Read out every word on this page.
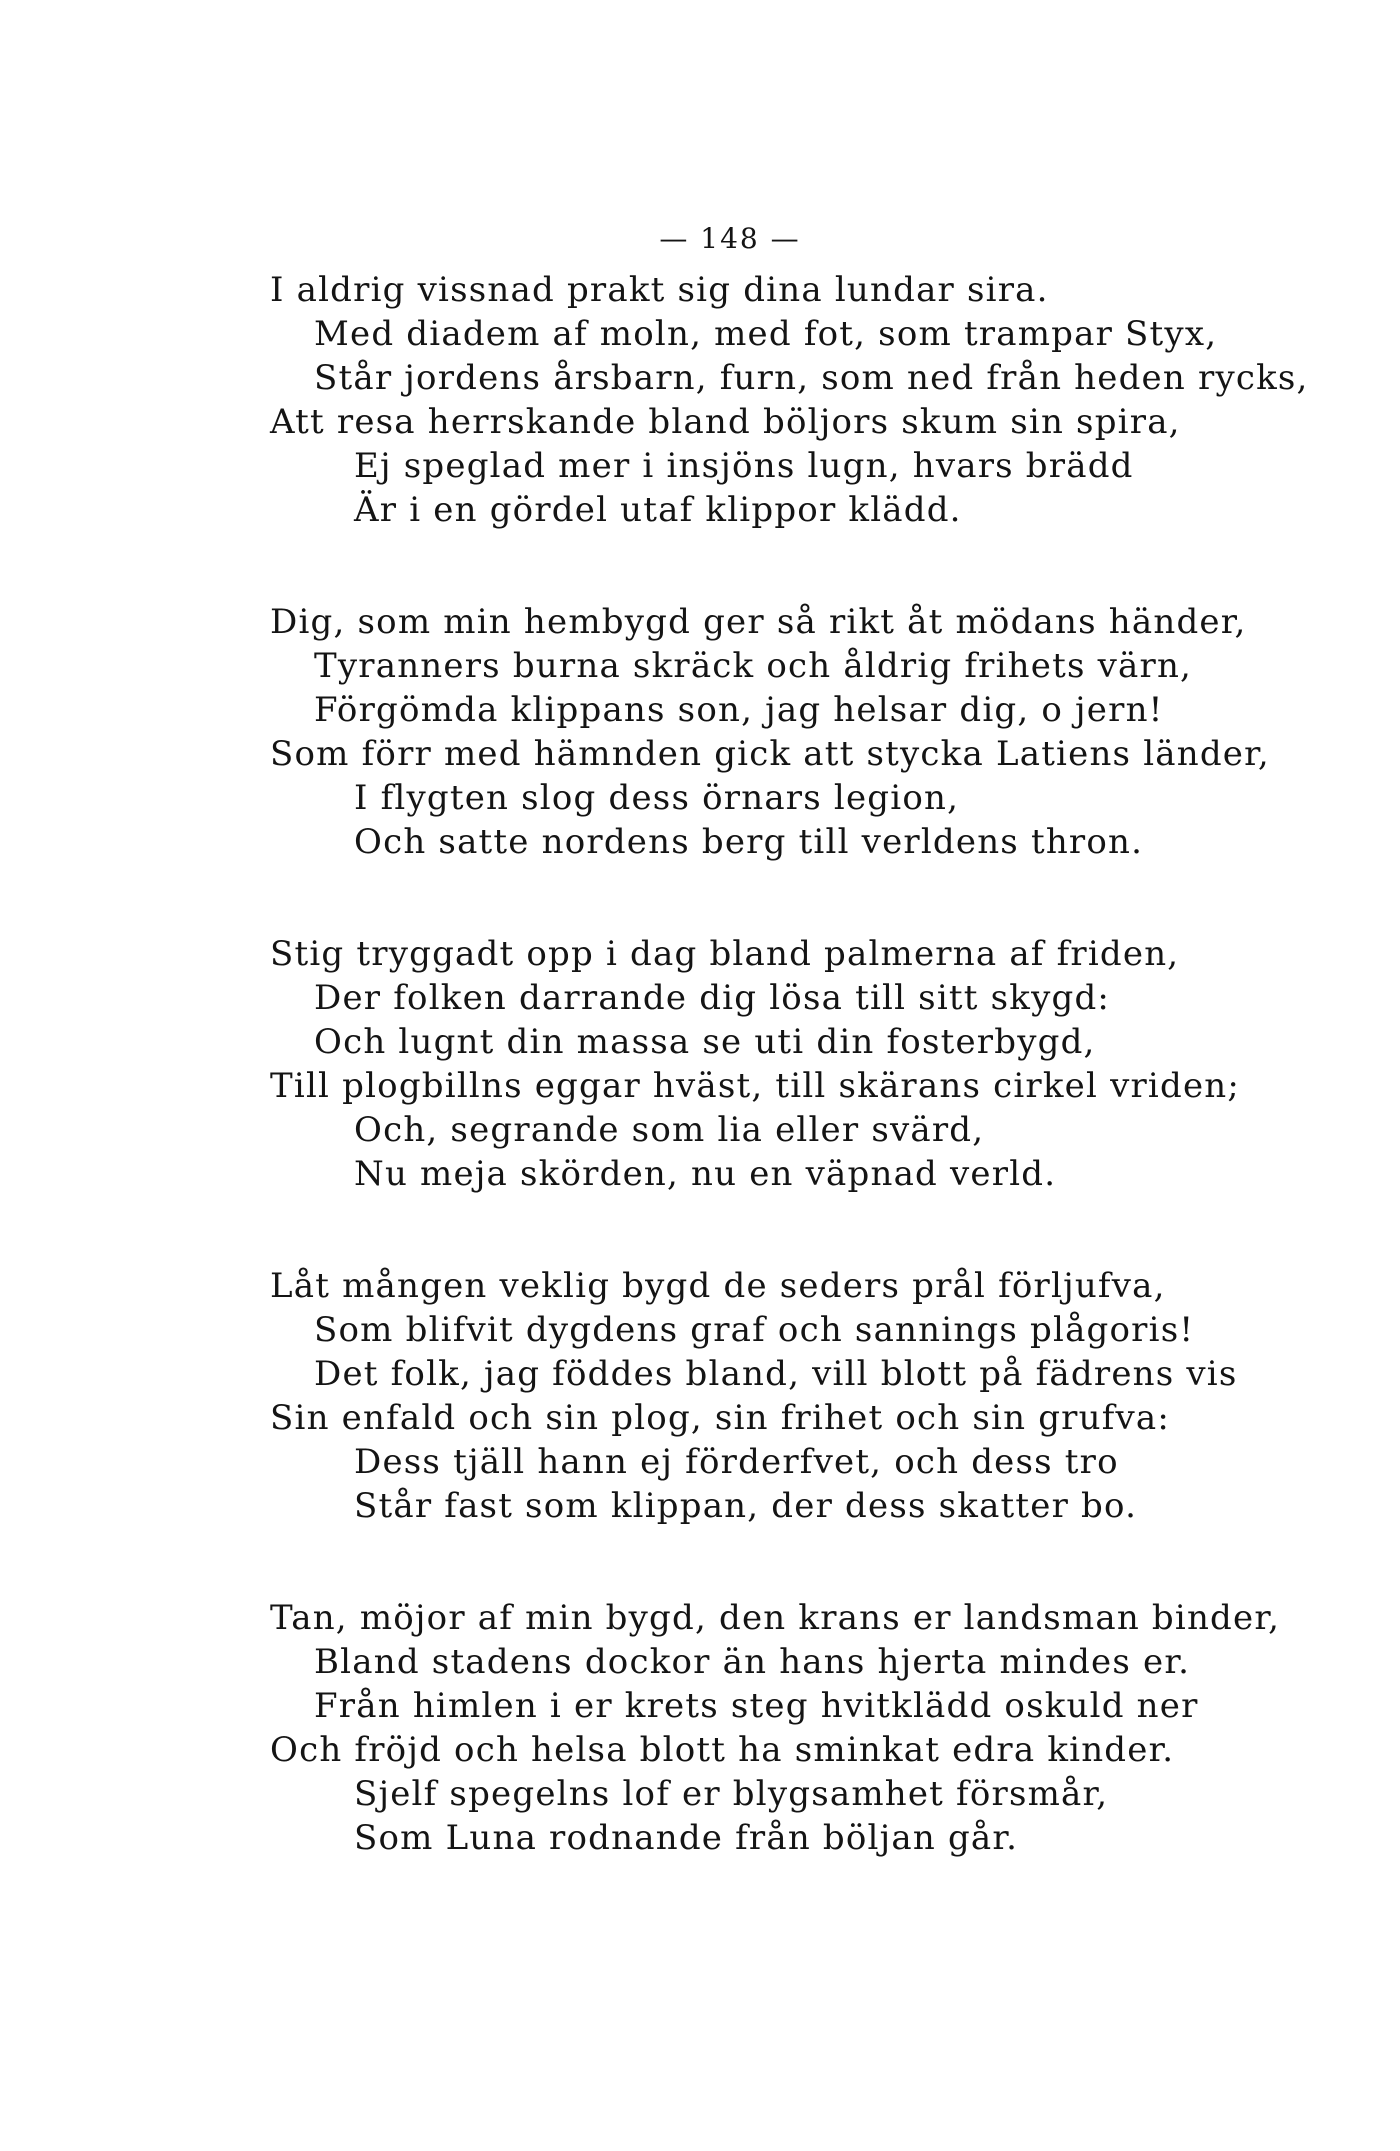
— 148 —
I aldrig vissnad prakt sig dina lundar sira.
Med diadem af moln, med fot, som trampar Styx,
Står jordens årsbarn, furn, som ned från heden rycks,
Att resa herrskande bland böljors skum sin spira,
Ej speglad mer i insjöns lugn, hvars brädd
Är i en gördel utaf klippor klädd.
Dig, som min hembygd ger så rikt åt mödans händer,
Tyranners burna skräck och åldrig frihets värn,
Förgömda klippans son, jag helsar dig, o jern!
Som förr med hämnden gick att stycka Latiens länder,
I flygten slog dess örnars legion,
Och satte nordens berg till verldens thron.
Stig tryggadt opp i dag bland palmerna af friden,
Der folken darrande dig lösa till sitt skygd:
Och lugnt din massa se uti din fosterbygd,
Till plogbillns eggar hväst, till skärans cirkel vriden;
Och, segrande som lia eller svärd,
Nu meja skörden, nu en väpnad verld.
Låt mången veklig bygd de seders prål förljufva,
Som blifvit dygdens graf och sannings plågoris!
Det folk, jag föddes bland, vill blott på fädrens vis
Sin enfald och sin plog, sin frihet och sin grufva:
Dess tjäll hann ej förderfvet, och dess tro
Står fast som klippan, der dess skatter bo.
Tan, möjor af min bygd, den krans er landsman binder,
Bland stadens dockor än hans hjerta mindes er.
Från himlen i er krets steg hvitklädd oskuld ner
Och fröjd och helsa blott ha sminkat edra kinder.
Sjelf spegelns lof er blygsamhet försmår,
Som Luna rodnande från böljan går.
